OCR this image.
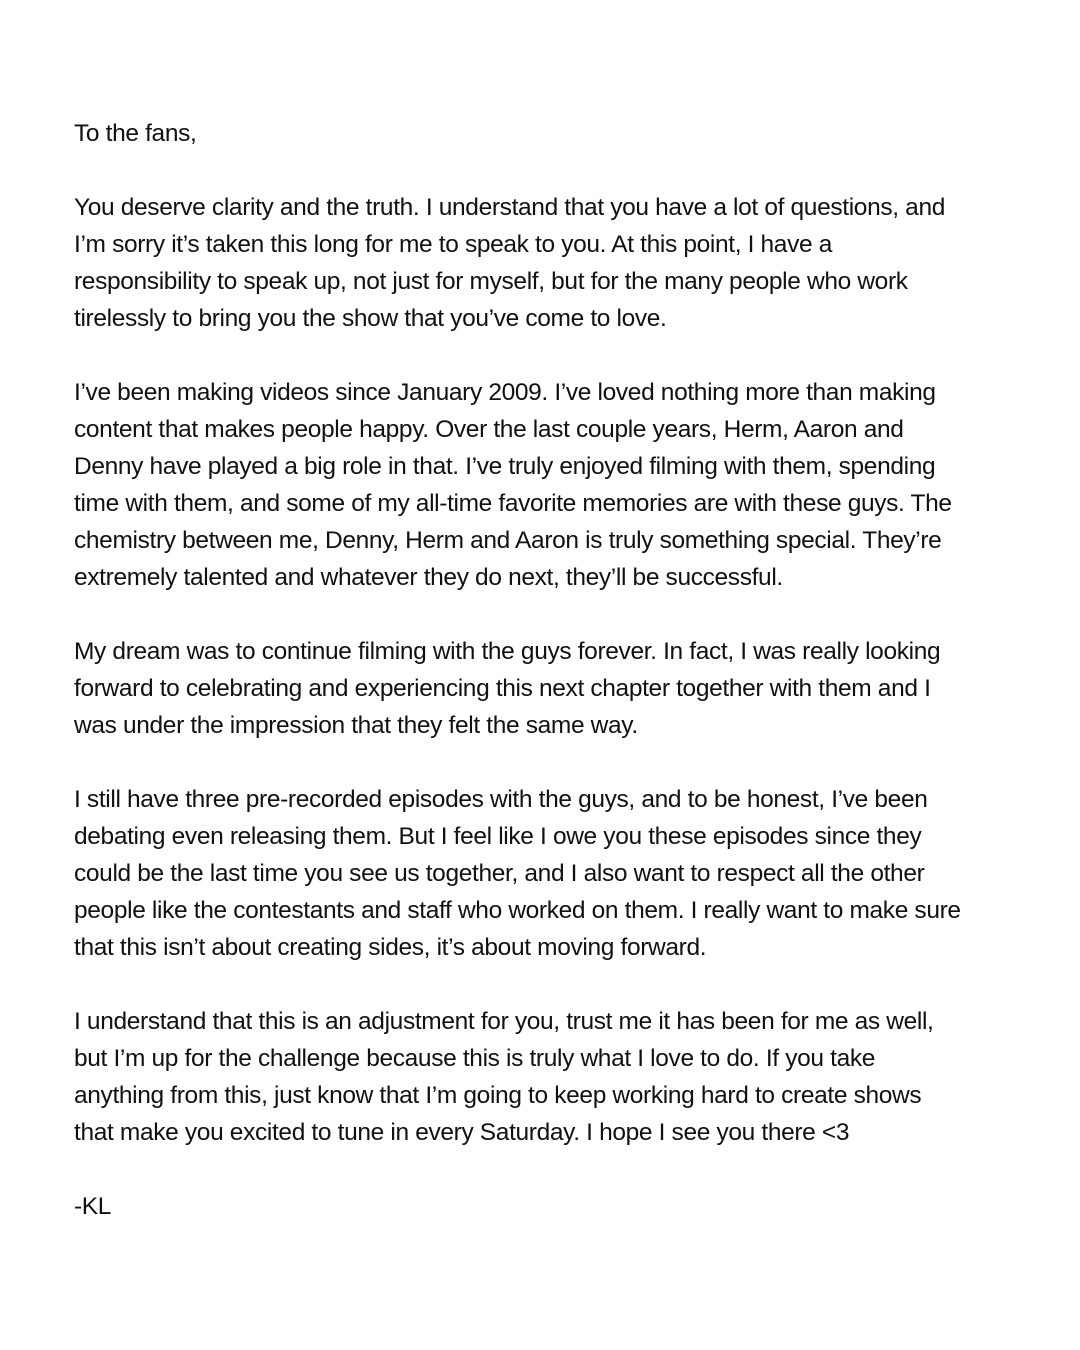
To the fans,

You deserve clarity and the truth. I understand that you have a lot of questions, and
I’m sorry it’s taken this long for me to speak to you. At this point, I have a
responsibility to speak up, not just for myself, but for the many people who work
tirelessly to bring you the show that you’ve come to love.

I’ve been making videos since January 2009. I’ve loved nothing more than making
content that makes people happy. Over the last couple years, Herm, Aaron and
Denny have played a big role in that. I’ve truly enjoyed filming with them, spending
time with them, and some of my all-time favorite memories are with these guys. The
chemistry between me, Denny, Herm and Aaron is truly something special. They’re
extremely talented and whatever they do next, they’ll be successful.

My dream was to continue filming with the guys forever. In fact, I was really looking
forward to celebrating and experiencing this next chapter together with them and I
was under the impression that they felt the same way.

I still have three pre-recorded episodes with the guys, and to be honest, I’ve been
debating even releasing them. But I feel like I owe you these episodes since they
could be the last time you see us together, and I also want to respect all the other
people like the contestants and staff who worked on them. I really want to make sure
that this isn’t about creating sides, it’s about moving forward.

I understand that this is an adjustment for you, trust me it has been for me as well,
but I’m up for the challenge because this is truly what I love to do. If you take
anything from this, just know that I’m going to keep working hard to create shows
that make you excited to tune in every Saturday. I hope I see you there <3

-KL
